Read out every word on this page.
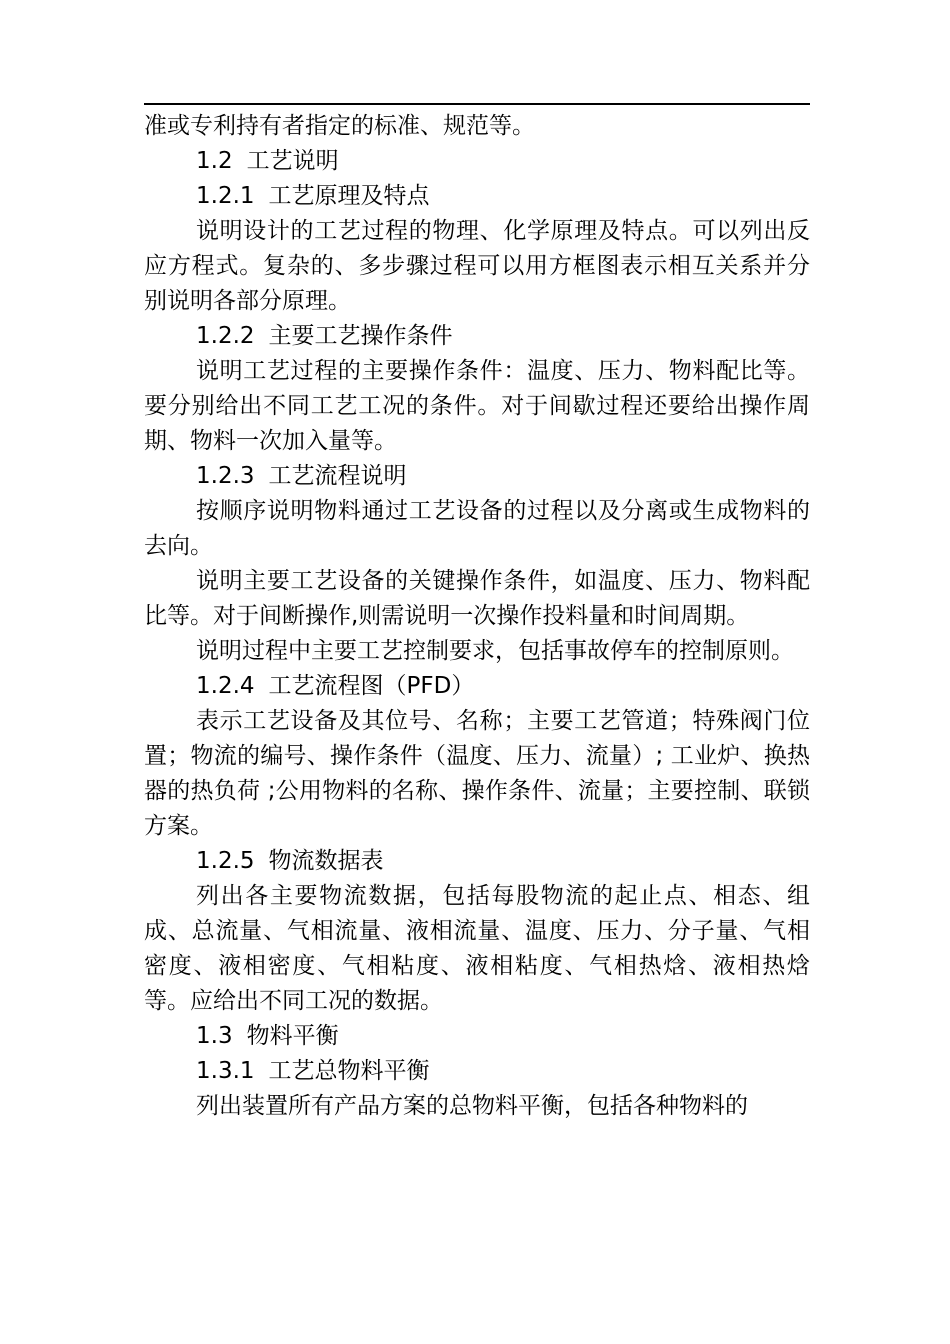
准或专利持有者指定的标准、规范等。

1.2 工艺说明
1.2.1 工艺原理及特点

说明设计的工艺过程的物理、化学原理及特点。可以列出反应方程式。复杂的、多步骤过程可以用方框图表示相互关系并分别说明各部分原理。

1.2.2 主要工艺操作条件

说明工艺过程的主要操作条件：温度、压力、物料配比等。要分别给出不同工艺工况的条件。对于间歇过程还要给出操作周期、物料一次加入量等。

1.2.3 工艺流程说明

按顺序说明物料通过工艺设备的过程以及分离或生成物料的去向。

说明主要工艺设备的关键操作条件，如温度、压力、物料配比等。对于间断操作,则需说明一次操作投料量和时间周期。

说明过程中主要工艺控制要求，包括事故停车的控制原则。

1.2.4 工艺流程图（PFD）

表示工艺设备及其位号、名称；主要工艺管道；特殊阀门位置；物流的编号、操作条件（温度、压力、流量）; 工业炉、换热器的热负荷 ;公用物料的名称、操作条件、流量；主要控制、联锁方案。

1.2.5 物流数据表

列出各主要物流数据，包括每股物流的起止点、相态、组成、总流量、气相流量、液相流量、温度、压力、分子量、气相密度、液相密度、气相粘度、液相粘度、气相热焓、液相热焓等。应给出不同工况的数据。

1.3 物料平衡
1.3.1 工艺总物料平衡

列出装置所有产品方案的总物料平衡，包括各种物料的
